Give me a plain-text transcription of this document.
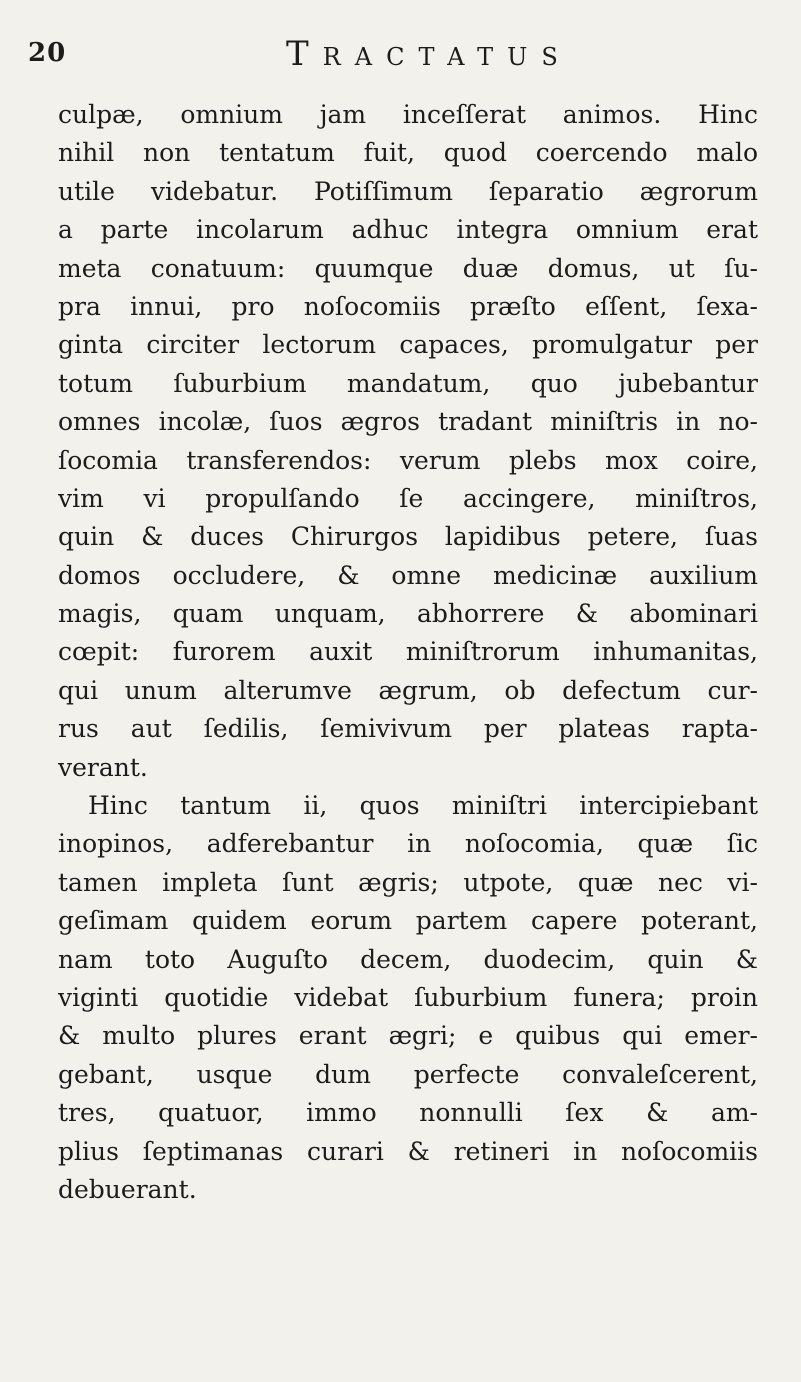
20	Tractatus
culpæ, omnium jam inceſſerat animos. Hinc
nihil non tentatum fuit, quod coercendo malo
utile videbatur. Potiſſimum ſeparatio ægrorum
a parte incolarum adhuc integra omnium erat
meta conatuum: quumque duæ domus, ut ſu-
pra innui, pro noſocomiis præſto eſſent, ſexa-
ginta circiter lectorum capaces, promulgatur per
totum ſuburbium mandatum, quo jubebantur
omnes incolæ, ſuos ægros tradant miniſtris in no-
ſocomia transferendos: verum plebs mox coire,
vim vi propulſando ſe accingere, miniſtros,
quin & duces Chirurgos lapidibus petere, ſuas
domos occludere, & omne medicinæ auxilium
magis, quam unquam, abhorrere & abominari
cœpit: furorem auxit miniſtrorum inhumanitas,
qui unum alterumve ægrum, ob defectum cur-
rus aut ſedilis, ſemivivum per plateas rapta-
verant.
Hinc tantum ii, quos miniſtri intercipiebant
inopinos, adferebantur in noſocomia, quæ ſic
tamen impleta ſunt ægris; utpote, quæ nec vi-
geſimam quidem eorum partem capere poterant,
nam toto Auguſto decem, duodecim, quin &
viginti quotidie videbat ſuburbium funera; proin
& multo plures erant ægri; e quibus qui emer-
gebant, usque dum perfecte convaleſcerent,
tres, quatuor, immo nonnulli ſex & am-
plius ſeptimanas curari & retineri in noſocomiis
debuerant.
